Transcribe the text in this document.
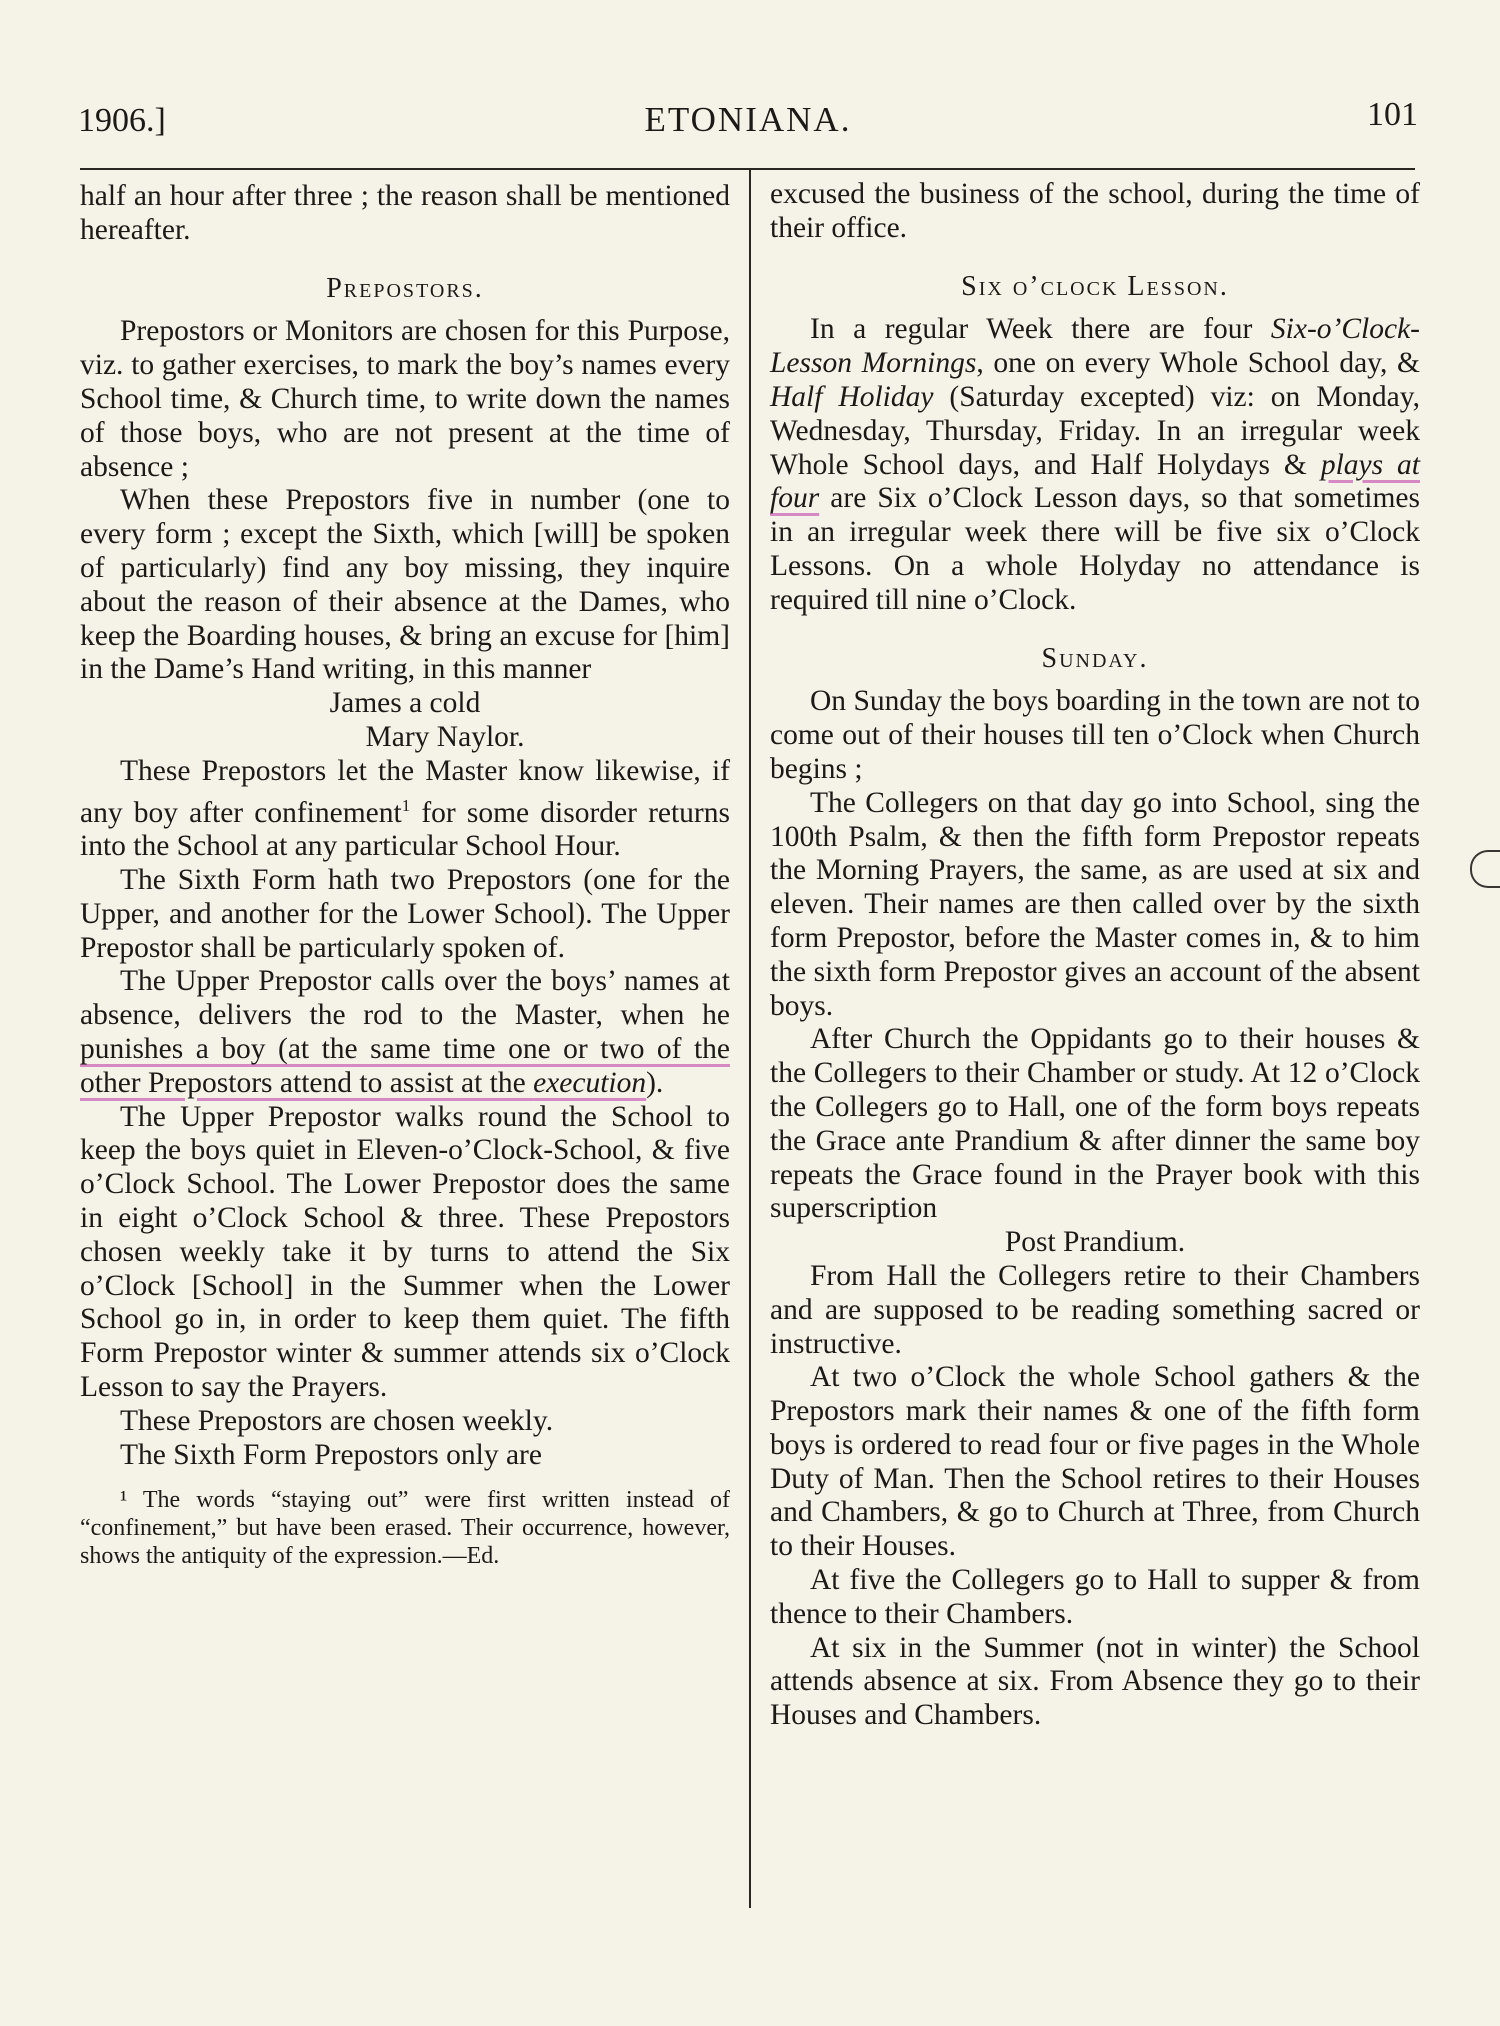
1906.]	ETONIANA.	101

half an hour after three ; the reason shall be mentioned hereafter.

Prepostors.

Prepostors or Monitors are chosen for this Purpose, viz. to gather exercises, to mark the boy’s names every School time, & Church time, to write down the names of those boys, who are not present at the time of absence ;

When these Prepostors five in number (one to every form ; except the Sixth, which [will] be spoken of particularly) find any boy missing, they inquire about the reason of their absence at the Dames, who keep the Boarding houses, & bring an excuse for [him] in the Dame’s Hand writing, in this manner

James a cold

Mary Naylor.

These Prepostors let the Master know likewise, if any boy after confinement$^1$ for some disorder returns into the School at any particular School Hour.

The Sixth Form hath two Prepostors (one for the Upper, and another for the Lower School). The Upper Prepostor shall be particularly spoken of.

The Upper Prepostor calls over the boys’ names at absence, delivers the rod to the Master, when he punishes a boy (at the same time one or two of the other Prepostors attend to assist at the execution).

The Upper Prepostor walks round the School to keep the boys quiet in Eleven-o’Clock-School, & five o’Clock School. The Lower Prepostor does the same in eight o’Clock School & three. These Prepostors chosen weekly take it by turns to attend the Six o’Clock [School] in the Summer when the Lower School go in, in order to keep them quiet. The fifth Form Prepostor winter & summer attends six o’Clock Lesson to say the Prayers.

These Prepostors are chosen weekly.

The Sixth Form Prepostors only are

¹ The words “staying out” were first written instead of “confinement,” but have been erased. Their occurrence, however, shows the antiquity of the expression.—Ed.

excused the business of the school, during the time of their office.

Six o’clock Lesson.

In a regular Week there are four Six-o’Clock-Lesson Mornings, one on every Whole School day, & Half Holiday (Saturday excepted) viz: on Monday, Wednesday, Thursday, Friday. In an irregular week Whole School days, and Half Holydays & plays at four are Six o’Clock Lesson days, so that sometimes in an irregular week there will be five six o’Clock Lessons. On a whole Holyday no attendance is required till nine o’Clock.

Sunday.

On Sunday the boys boarding in the town are not to come out of their houses till ten o’Clock when Church begins ;

The Collegers on that day go into School, sing the 100th Psalm, & then the fifth form Prepostor repeats the Morning Prayers, the same, as are used at six and eleven. Their names are then called over by the sixth form Prepostor, before the Master comes in, & to him the sixth form Prepostor gives an account of the absent boys.

After Church the Oppidants go to their houses & the Collegers to their Chamber or study. At 12 o’Clock the Collegers go to Hall, one of the form boys repeats the Grace ante Prandium & after dinner the same boy repeats the Grace found in the Prayer book with this superscription

Post Prandium.

From Hall the Collegers retire to their Chambers and are supposed to be reading something sacred or instructive.

At two o’Clock the whole School gathers & the Prepostors mark their names & one of the fifth form boys is ordered to read four or five pages in the Whole Duty of Man. Then the School retires to their Houses and Chambers, & go to Church at Three, from Church to their Houses.

At five the Collegers go to Hall to supper & from thence to their Chambers.

At six in the Summer (not in winter) the School attends absence at six. From Absence they go to their Houses and Chambers.
